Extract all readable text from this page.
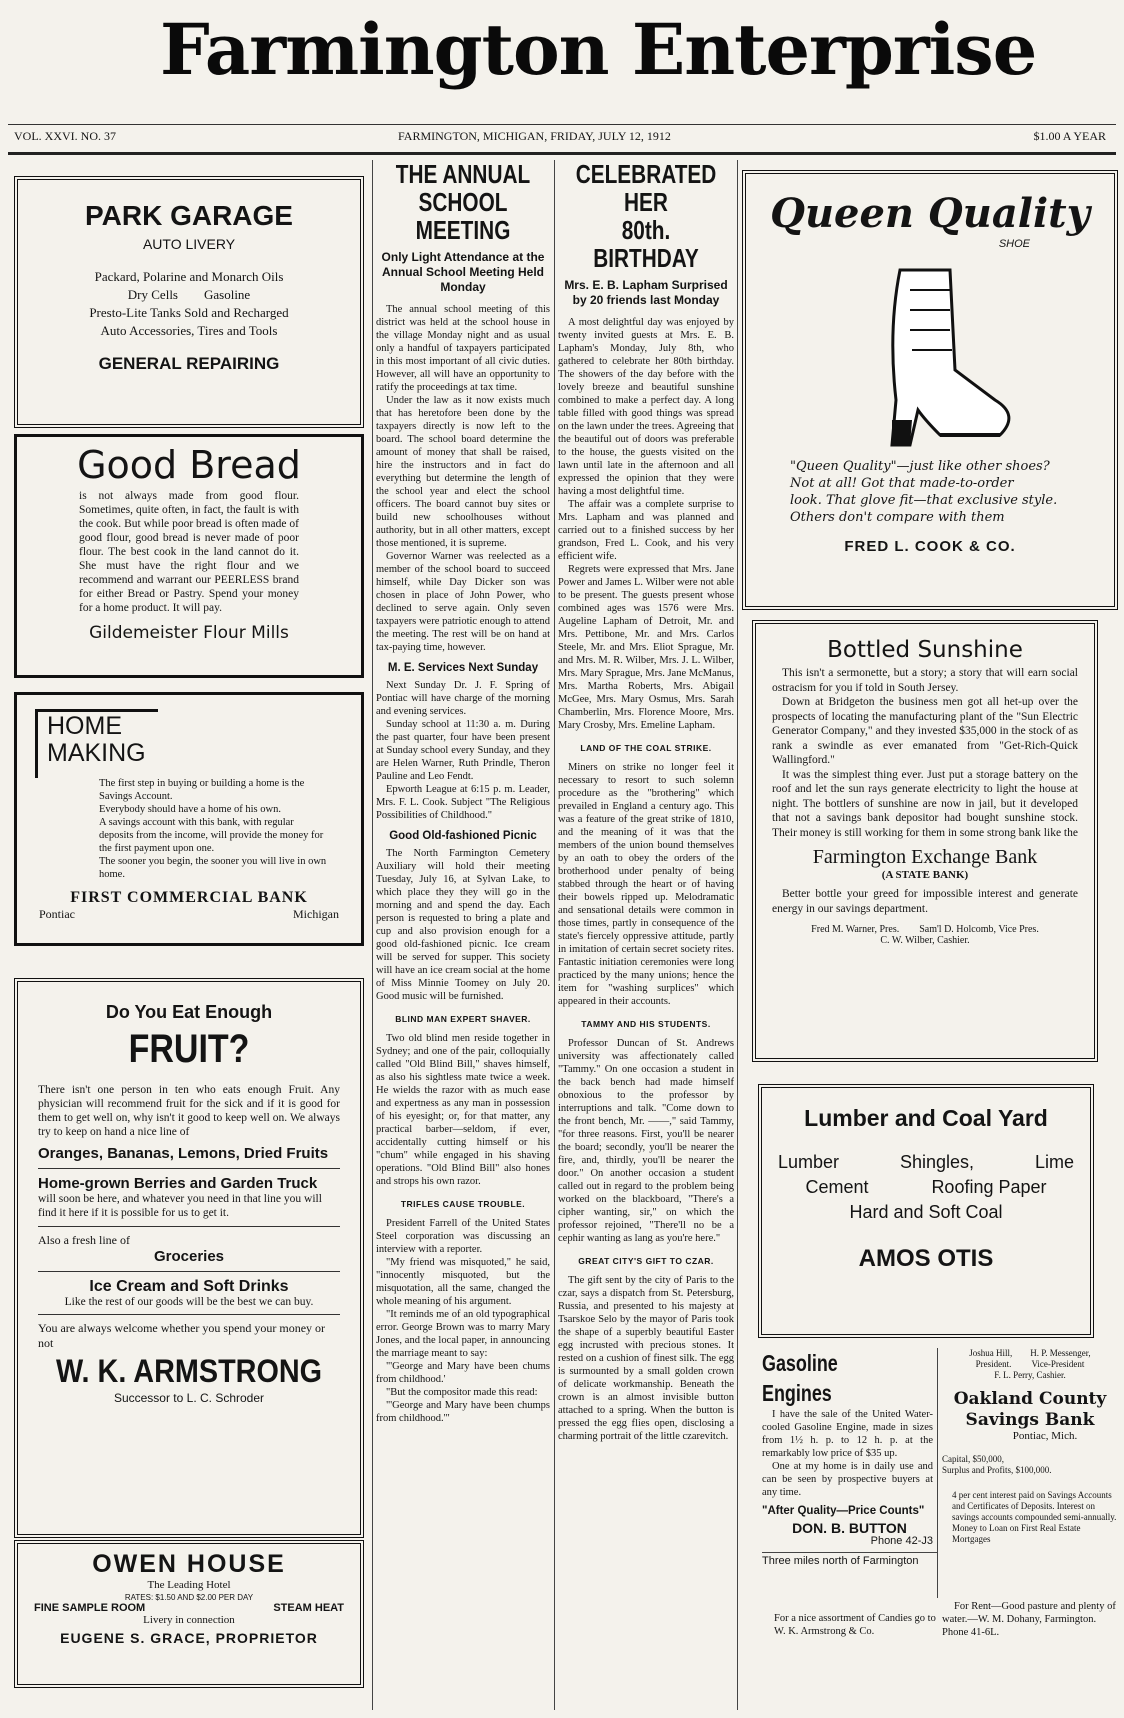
Farmington Enterprise
VOL. XXVI. NO. 37	FARMINGTON, MICHIGAN, FRIDAY, JULY 12, 1912	$1.00 A YEAR
PARK GARAGE
AUTO LIVERY
Packard, Polarine and Monarch Oils
Dry Cells        Gasoline
Presto-Lite Tanks Sold and Recharged
Auto Accessories, Tires and Tools
GENERAL REPAIRING
Good Bread
is not always made from good flour. Sometimes, quite often, in fact, the fault is with the cook. But while poor bread is often made of good flour, good bread is never made of poor flour. The best cook in the land cannot do it. She must have the right flour and we recommend and warrant our PEERLESS brand for either Bread or Pastry. Spend your money for a home product. It will pay.
Gildemeister Flour Mills
HOME
MAKING
The first step in buying or building a home is the Savings Account.
Everybody should have a home of his own.
A savings account with this bank, with regular deposits from the income, will provide the money for the first payment upon one.
The sooner you begin, the sooner you will live in own home.
FIRST COMMERCIAL BANK
Pontiac	Michigan
Do You Eat Enough
FRUIT?
There isn't one person in ten who eats enough Fruit. Any physician will recommend fruit for the sick and if it is good for them to get well on, why isn't it good to keep well on. We always try to keep on hand a nice line of
Oranges, Bananas, Lemons, Dried Fruits
Home-grown Berries and Garden Truck
will soon be here, and whatever you need in that line you will find it here if it is possible for us to get it.
Also a fresh line of
Groceries
Ice Cream and Soft Drinks
Like the rest of our goods will be the best we can buy.
You are always welcome whether you spend your money or not
W. K. ARMSTRONG
Successor to L. C. Schroder
OWEN HOUSE
The Leading Hotel
RATES: $1.50 AND $2.00 PER DAY
FINE SAMPLE ROOM	STEAM HEAT
Livery in connection
EUGENE S. GRACE, PROPRIETOR
THE ANNUAL
SCHOOL MEETING
Only Light Attendance at the Annual School Meeting Held Monday

The annual school meeting of this district was held at the school house in the village Monday night and as usual only a handful of taxpayers participated in this most important of all civic duties. However, all will have an opportunity to ratify the proceedings at tax time.

Under the law as it now exists much that has heretofore been done by the taxpayers directly is now left to the board. The school board determine the amount of money that shall be raised, hire the instructors and in fact do everything but determine the length of the school year and elect the school officers. The board cannot buy sites or build new schoolhouses without authority, but in all other matters, except those mentioned, it is supreme.

Governor Warner was reelected as a member of the school board to succeed himself, while Day Dicker son was chosen in place of John Power, who declined to serve again. Only seven taxpayers were patriotic enough to attend the meeting. The rest will be on hand at tax-paying time, however.

M. E. Services Next Sunday

Next Sunday Dr. J. F. Spring of Pontiac will have charge of the morning and evening services.

Sunday school at 11:30 a. m. During the past quarter, four have been present at Sunday school every Sunday, and they are Helen Warner, Ruth Prindle, Theron Pauline and Leo Fendt.

Epworth League at 6:15 p. m. Leader, Mrs. F. L. Cook. Subject "The Religious Possibilities of Childhood."

Good Old-fashioned Picnic

The North Farmington Cemetery Auxiliary will hold their meeting Tuesday, July 16, at Sylvan Lake, to which place they they will go in the morning and and spend the day. Each person is requested to bring a plate and cup and also provision enough for a good old-fashioned picnic. Ice cream will be served for supper. This society will have an ice cream social at the home of Miss Minnie Toomey on July 20. Good music will be furnished.

BLIND MAN EXPERT SHAVER.

Two old blind men reside together in Sydney; and one of the pair, colloquially called "Old Blind Bill," shaves himself, as also his sightless mate twice a week. He wields the razor with as much ease and expertness as any man in possession of his eyesight; or, for that matter, any practical barber—seldom, if ever, accidentally cutting himself or his "chum" while engaged in his shaving operations. "Old Blind Bill" also hones and strops his own razor.

TRIFLES CAUSE TROUBLE.

President Farrell of the United States Steel corporation was discussing an interview with a reporter.

"My friend was misquoted," he said, "innocently misquoted, but the misquotation, all the same, changed the whole meaning of his argument.

"It reminds me of an old typographical error. George Brown was to marry Mary Jones, and the local paper, in announcing the marriage meant to say:

"'George and Mary have been chums from childhood.'

"But the compositor made this read:

"'George and Mary have been chumps from childhood.'"

CELEBRATED HER
80th. BIRTHDAY
Mrs. E. B. Lapham Surprised by 20 friends last Monday

A most delightful day was enjoyed by twenty invited guests at Mrs. E. B. Lapham's Monday, July 8th, who gathered to celebrate her 80th birthday. The showers of the day before with the lovely breeze and beautiful sunshine combined to make a perfect day. A long table filled with good things was spread on the lawn under the trees. Agreeing that the beautiful out of doors was preferable to the house, the guests visited on the lawn until late in the afternoon and all expressed the opinion that they were having a most delightful time.

The affair was a complete surprise to Mrs. Lapham and was planned and carried out to a finished success by her grandson, Fred L. Cook, and his very efficient wife.

Regrets were expressed that Mrs. Jane Power and James L. Wilber were not able to be present. The guests present whose combined ages was 1576 were Mrs. Augeline Lapham of Detroit, Mr. and Mrs. Pettibone, Mr. and Mrs. Carlos Steele, Mr. and Mrs. Eliot Sprague, Mr. and Mrs. M. R. Wilber, Mrs. J. L. Wilber, Mrs. Mary Sprague, Mrs. Jane McManus, Mrs. Martha Roberts, Mrs. Abigail McGee, Mrs. Mary Osmus, Mrs. Sarah Chamberlin, Mrs. Florence Moore, Mrs. Mary Crosby, Mrs. Emeline Lapham.

LAND OF THE COAL STRIKE.

Miners on strike no longer feel it necessary to resort to such solemn procedure as the "brothering" which prevailed in England a century ago. This was a feature of the great strike of 1810, and the meaning of it was that the members of the union bound themselves by an oath to obey the orders of the brotherhood under penalty of being stabbed through the heart or of having their bowels ripped up. Melodramatic and sensational details were common in those times, partly in consequence of the state's fiercely oppressive attitude, partly in imitation of certain secret society rites. Fantastic initiation ceremonies were long practiced by the many unions; hence the item for "washing surplices" which appeared in their accounts.

TAMMY AND HIS STUDENTS.

Professor Duncan of St. Andrews university was affectionately called "Tammy." On one occasion a student in the back bench had made himself obnoxious to the professor by interruptions and talk. "Come down to the front bench, Mr. ——," said Tammy, "for three reasons. First, you'll be nearer the board; secondly, you'll be nearer the fire, and, thirdly, you'll be nearer the door." On another occasion a student called out in regard to the problem being worked on the blackboard, "There's a cipher wanting, sir," on which the professor rejoined, "There'll no be a cephir wanting as lang as you're here."

GREAT CITY'S GIFT TO CZAR.

The gift sent by the city of Paris to the czar, says a dispatch from St. Petersburg, Russia, and presented to his majesty at Tsarskoe Selo by the mayor of Paris took the shape of a superbly beautiful Easter egg incrusted with precious stones. It rested on a cushion of finest silk. The egg is surmounted by a small golden crown of delicate workmanship. Beneath the crown is an almost invisible button attached to a spring. When the button is pressed the egg flies open, disclosing a charming portrait of the little czarevitch.

Queen Quality
SHOE
"Queen Quality"—just like other shoes?
Not at all! Got that made-to-order
look. That glove fit—that exclusive style.
Others don't compare with them
FRED L. COOK & CO.
Bottled Sunshine

This isn't a sermonette, but a story; a story that will earn social ostracism for you if told in South Jersey.

Down at Bridgeton the business men got all het-up over the prospects of locating the manufacturing plant of the "Sun Electric Generator Company," and they invested $35,000 in the stock of as rank a swindle as ever emanated from "Get-Rich-Quick Wallingford."

It was the simplest thing ever. Just put a storage battery on the roof and let the sun rays generate electricity to light the house at night. The bottlers of sunshine are now in jail, but it developed that not a savings bank depositor had bought sunshine stock. Their money is still working for them in some strong bank like the

Farmington Exchange Bank
(A STATE BANK)

Better bottle your greed for impossible interest and generate energy in our savings department.

Fred M. Warner, Pres.        Sam'l D. Holcomb, Vice Pres.
C. W. Wilber, Cashier.
Lumber and Coal Yard
Lumber	Shingles,	Lime
Cement	Roofing Paper
Hard and Soft Coal
AMOS OTIS
Gasoline Engines

I have the sale of the United Water-cooled Gasoline Engine, made in sizes from 1½ h. p. to 12 h. p. at the remarkably low price of $35 up.

One at my home is in daily use and can be seen by prospective buyers at any time.

"After Quality—Price Counts"
DON. B. BUTTON
Phone 42-J3
Three miles north of Farmington
Joshua Hill,        H. P. Messenger,
President.         Vice-President
F. L. Perry, Cashier.
Oakland County
Savings Bank
Pontiac, Mich.
Capital, $50,000,
Surplus and Profits, $100,000.
4 per cent interest paid on Savings Accounts and Certificates of Deposits. Interest on savings accounts compounded semi-annually.
Money to Loan on First Real Estate Mortgages
For a nice assortment of Candies go to W. K. Armstrong & Co.
For Rent—Good pasture and plenty of water.—W. M. Dohany, Farmington. Phone 41-6L.
